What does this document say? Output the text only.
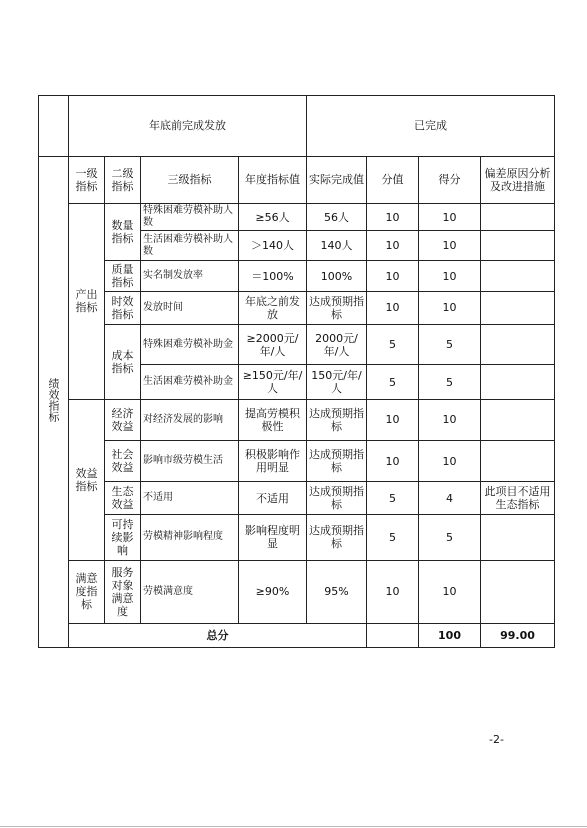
	年底前完成发放				已完成				
绩效指标	一级指标	二级指标	三级指标	年度指标值	实际完成值	分值	得分	偏差原因分析及改进措施	
	产出指标	数量指标	特殊困难劳模补助人数	≥56人	56人	10	10		
			生活困难劳模补助人数	＞140人	140人	10	10		
		质量指标	实名制发放率	＝100%	100%	10	10		
		时效指标	发放时间	年底之前发放	达成预期指标	10	10		
		成本指标	特殊困难劳模补助金	≥2000元/年/人	2000元/年/人	5	5		
			生活困难劳模补助金	≥150元/年/人	150元/年/人	5	5		
	效益指标	经济效益	对经济发展的影响	提高劳模积极性	达成预期指标	10	10		
		社会效益	影响市级劳模生活	积极影响作用明显	达成预期指标	10	10		
		生态效益	不适用	不适用	达成预期指标	5	4	此项目不适用生态指标	
		可持续影响	劳模精神影响程度	影响程度明显	达成预期指标	5	5		
	满意度指标	服务对象满意度	劳模满意度	≥90%	95%	10	10		
	总分						100	99.00	
-2-
